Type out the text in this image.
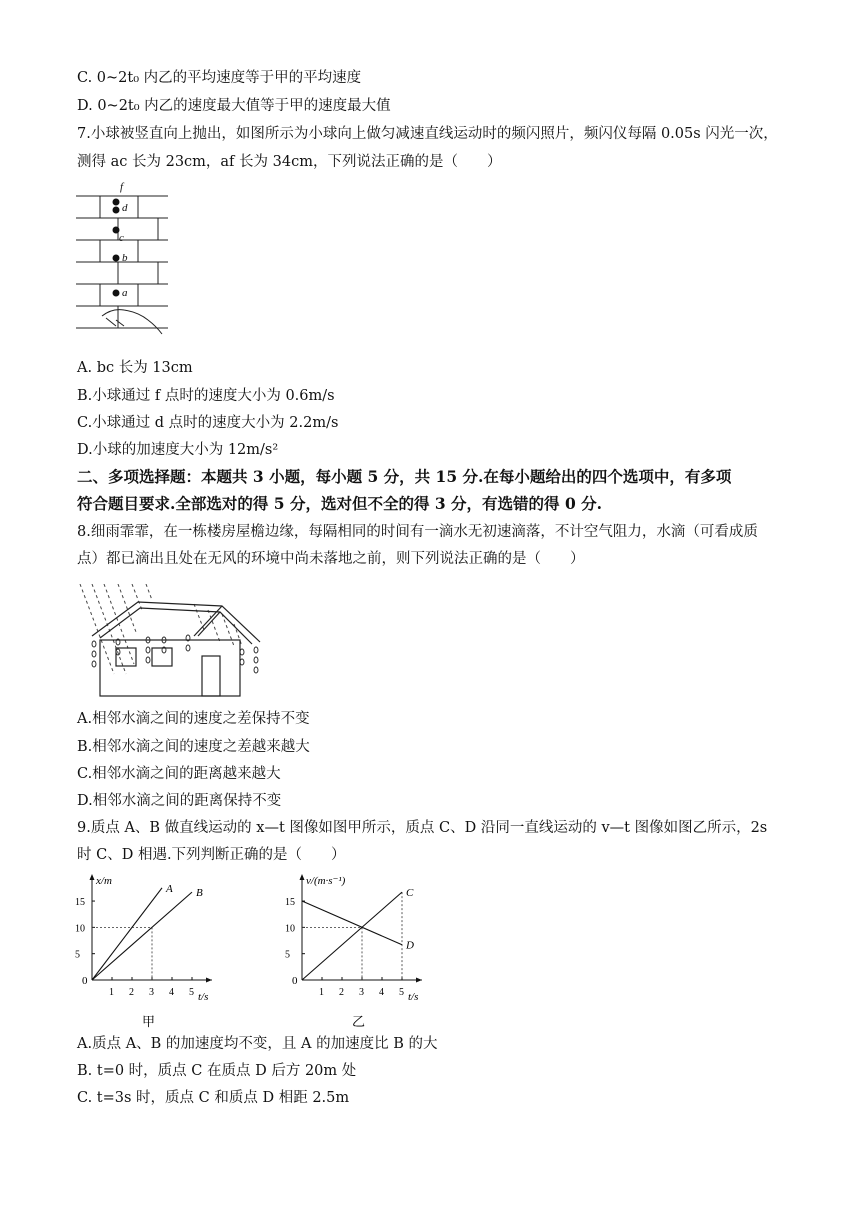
C. 0~2t₀ 内乙的平均速度等于甲的平均速度
D. 0~2t₀ 内乙的速度最大值等于甲的速度最大值
7.小球被竖直向上抛出，如图所示为小球向上做匀减速直线运动时的频闪照片，频闪仪每隔 0.05s 闪光一次，
测得 ac 长为 23cm，af 长为 34cm，下列说法正确的是（　　）
f
d
c
b
a
A. bc 长为 13cm
B.小球通过 f 点时的速度大小为 0.6m/s
C.小球通过 d 点时的速度大小为 2.2m/s
D.小球的加速度大小为 12m/s²
二、多项选择题：本题共 3 小题，每小题 5 分，共 15 分.在每小题给出的四个选项中，有多项
符合题目要求.全部选对的得 5 分，选对但不全的得 3 分，有选错的得 0 分.
8.细雨霏霏，在一栋楼房屋檐边缘，每隔相同的时间有一滴水无初速滴落，不计空气阻力，水滴（可看成质
点）都已滴出且处在无风的环境中尚未落地之前，则下列说法正确的是（　　）
A.相邻水滴之间的速度之差保持不变
B.相邻水滴之间的速度之差越来越大
C.相邻水滴之间的距离越来越大
D.相邻水滴之间的距离保持不变
9.质点 A、B 做直线运动的 x—t 图像如图甲所示，质点 C、D 沿同一直线运动的 v—t 图像如图乙所示，2s
时 C、D 相遇.下列判断正确的是（　　）
x/m
t/s
0
1 2 3 4 5
5
10
15
A B
甲
v/(m·s⁻¹)
t/s
0
1 2 3 4 5
5
10
15
C
D
乙
A.质点 A、B 的加速度均不变，且 A 的加速度比 B 的大
B. t=0 时，质点 C 在质点 D 后方 20m 处
C. t=3s 时，质点 C 和质点 D 相距 2.5m
